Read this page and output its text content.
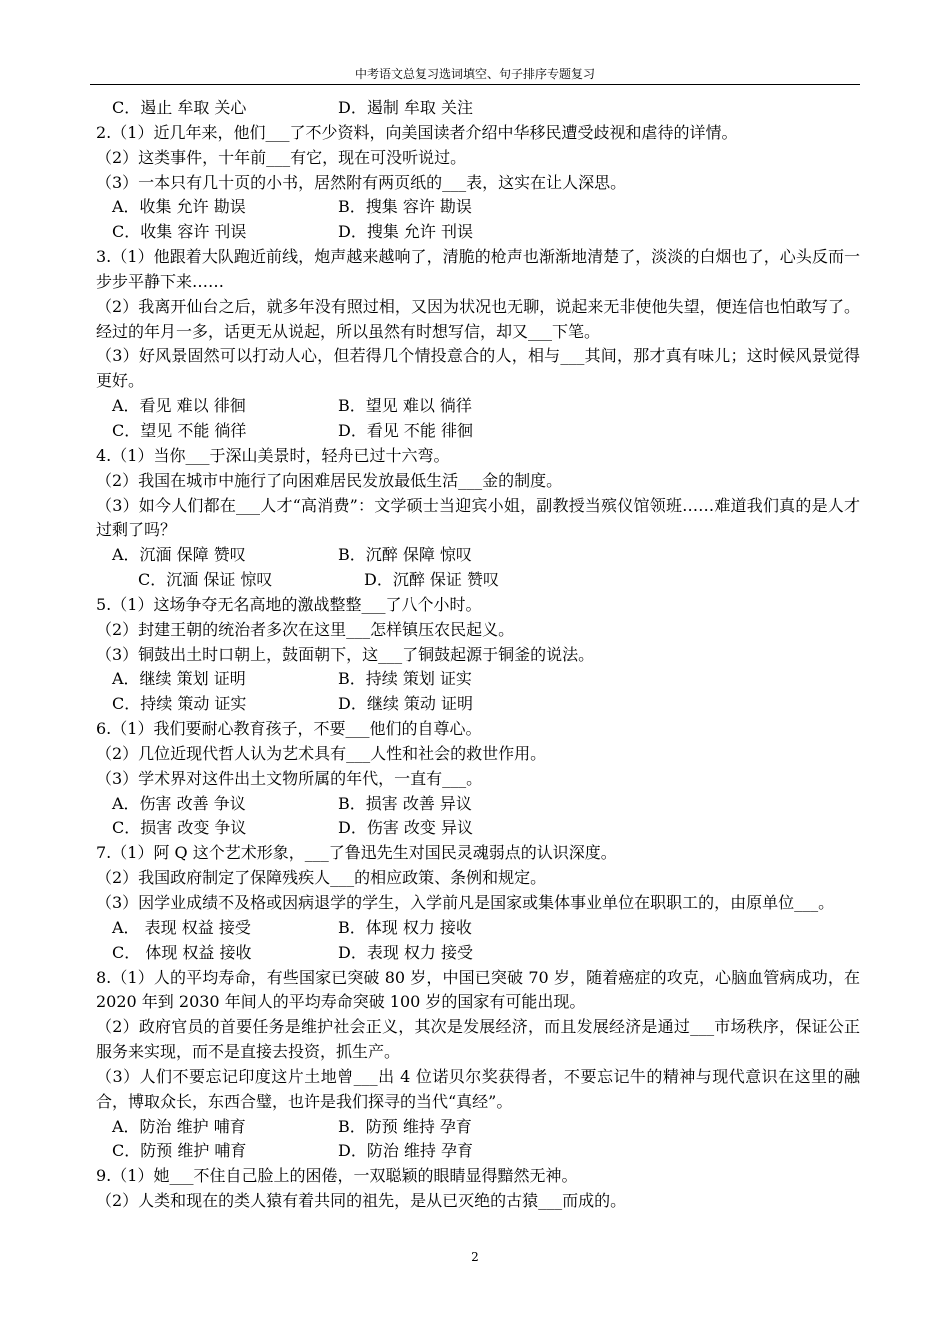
中考语文总复习选词填空、句子排序专题复习
C．遏止 牟取 关心	D．遏制 牟取 关注
2.（1）近几年来，他们___了不少资料，向美国读者介绍中华移民遭受歧视和虐待的详情。
（2）这类事件，十年前___有它，现在可没听说过。
（3）一本只有几十页的小书，居然附有两页纸的___表，这实在让人深思。
A．收集 允许 勘误	B．搜集 容许 勘误
C．收集 容许 刊误	D．搜集 允许 刊误
3.（1）他跟着大队跑近前线，炮声越来越响了，清脆的枪声也渐渐地清楚了，淡淡的白烟也了，心头反而一步步平静下来……
（2）我离开仙台之后，就多年没有照过相，又因为状况也无聊，说起来无非使他失望，便连信也怕敢写了。经过的年月一多，话更无从说起，所以虽然有时想写信，却又___下笔。
（3）好风景固然可以打动人心，但若得几个情投意合的人，相与___其间，那才真有味儿；这时候风景觉得更好。
A．看见 难以 徘徊	B．望见 难以 徜徉
C．望见 不能 徜徉	D．看见 不能 徘徊
4.（1）当你___于深山美景时，轻舟已过十六弯。
（2）我国在城市中施行了向困难居民发放最低生活___金的制度。
（3）如今人们都在___人才“高消费”：文学硕士当迎宾小姐，副教授当殡仪馆领班……难道我们真的是人才过剩了吗？
A．沉湎 保障 赞叹	B．沉醉 保障 惊叹
C．沉湎 保证 惊叹	D．沉醉 保证 赞叹
5.（1）这场争夺无名高地的激战整整___了八个小时。
（2）封建王朝的统治者多次在这里___怎样镇压农民起义。
（3）铜鼓出土时口朝上，鼓面朝下，这___了铜鼓起源于铜釜的说法。
A．继续 策划 证明	B．持续 策划 证实
C．持续 策动 证实	D．继续 策动 证明
6.（1）我们要耐心教育孩子，不要___他们的自尊心。
（2）几位近现代哲人认为艺术具有___人性和社会的救世作用。
（3）学术界对这件出土文物所属的年代，一直有___。
A．伤害 改善 争议	B．损害 改善 异议
C．损害 改变 争议	D．伤害 改变 异议
7.（1）阿 Q 这个艺术形象，___了鲁迅先生对国民灵魂弱点的认识深度。
（2）我国政府制定了保障残疾人___的相应政策、条例和规定。
（3）因学业成绩不及格或因病退学的学生，入学前凡是国家或集体事业单位在职职工的，由原单位___。
A． 表现 权益 接受	B．体现 权力 接收
C． 体现 权益 接收	D．表现 权力 接受
8.（1）人的平均寿命，有些国家已突破 80 岁，中国已突破 70 岁，随着癌症的攻克，心脑血管病成功，在 2020 年到 2030 年间人的平均寿命突破 100 岁的国家有可能出现。
（2）政府官员的首要任务是维护社会正义，其次是发展经济，而且发展经济是通过___市场秩序，保证公正服务来实现，而不是直接去投资，抓生产。
（3）人们不要忘记印度这片土地曾___出 4 位诺贝尔奖获得者，不要忘记牛的精神与现代意识在这里的融合，博取众长，东西合璧，也许是我们探寻的当代“真经”。
A．防治 维护 哺育	B．防预 维持 孕育
C．防预 维护 哺育	D．防治 维持 孕育
9.（1）她___不住自己脸上的困倦，一双聪颖的眼睛显得黯然无神。
（2）人类和现在的类人猿有着共同的祖先，是从已灭绝的古猿___而成的。
2
